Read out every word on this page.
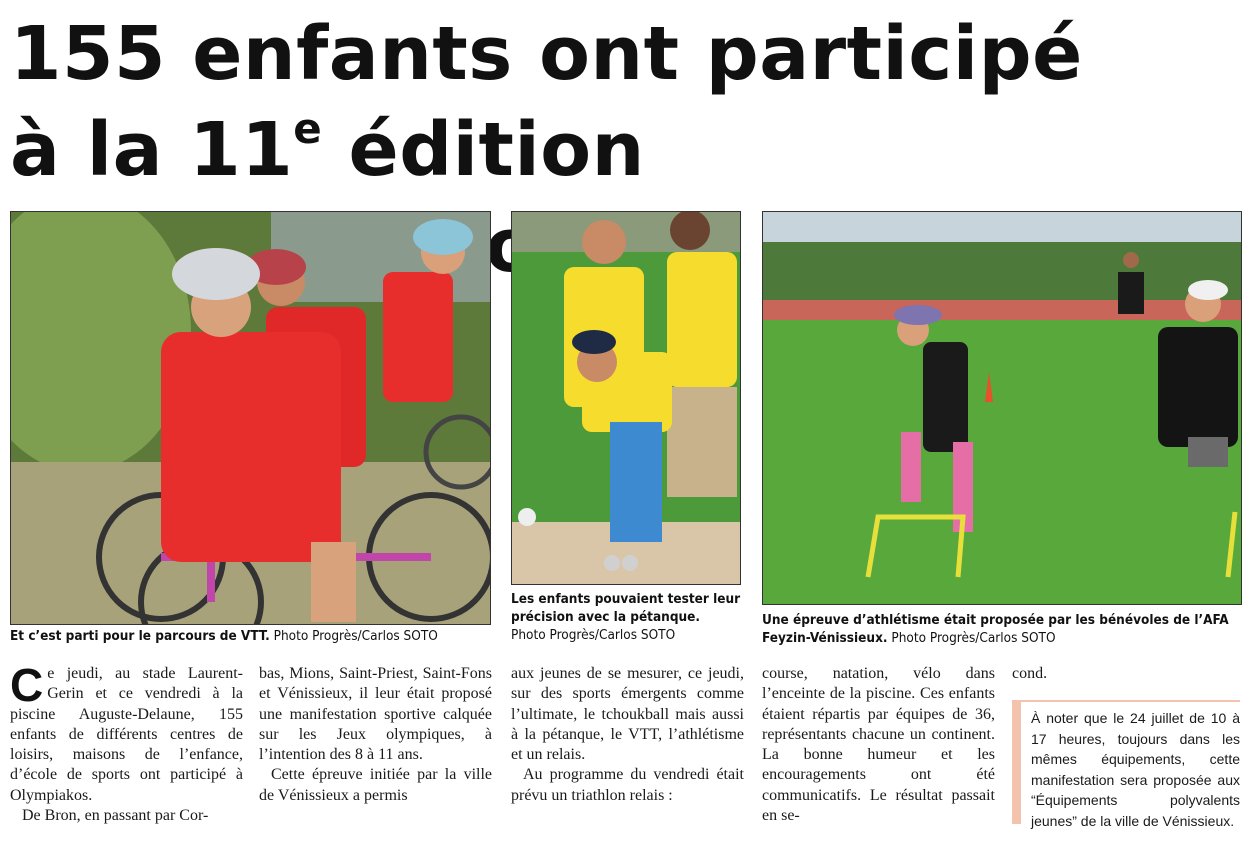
155 enfants ont participé
à la 11e édition
Et c’est parti pour le parcours de VTT. Photo Progrès/Carlos SOTO
Les enfants pouvaient tester leur précision avec la pétanque.
Photo Progrès/Carlos SOTO
Une épreuve d’athlétisme était proposée par les bénévoles de l’AFA Feyzin-Vénissieux. Photo Progrès/Carlos SOTO

Ce jeudi, au stade Laurent-Gerin et ce vendredi à la piscine Auguste-Delaune, 155 enfants de différents centres de loisirs, maisons de l’enfance, d’école de sports ont participé à Olympiakos.

De Bron, en passant par Cor-

bas, Mions, Saint-Priest, Saint-Fons et Vénissieux, il leur était proposé une manifestation sportive calquée sur les Jeux olympiques, à l’intention des 8 à 11 ans.

Cette épreuve initiée par la ville de Vénissieux a permis

aux jeunes de se mesurer, ce jeudi, sur des sports émergents comme l’ultimate, le tchoukball mais aussi à la pétanque, le VTT, l’athlétisme et un relais.

Au programme du vendredi était prévu un triathlon relais :

course, natation, vélo dans l’enceinte de la piscine. Ces enfants étaient répartis par équipes de 36, représentants chacune un continent. La bonne humeur et les encouragements ont été communicatifs. Le résultat passait en se-

cond.

À noter que le 24 juillet de 10 à 17 heures, toujours dans les mêmes équipements, cette manifestation sera proposée aux “Équipements polyvalents jeunes” de la ville de Vénissieux.
